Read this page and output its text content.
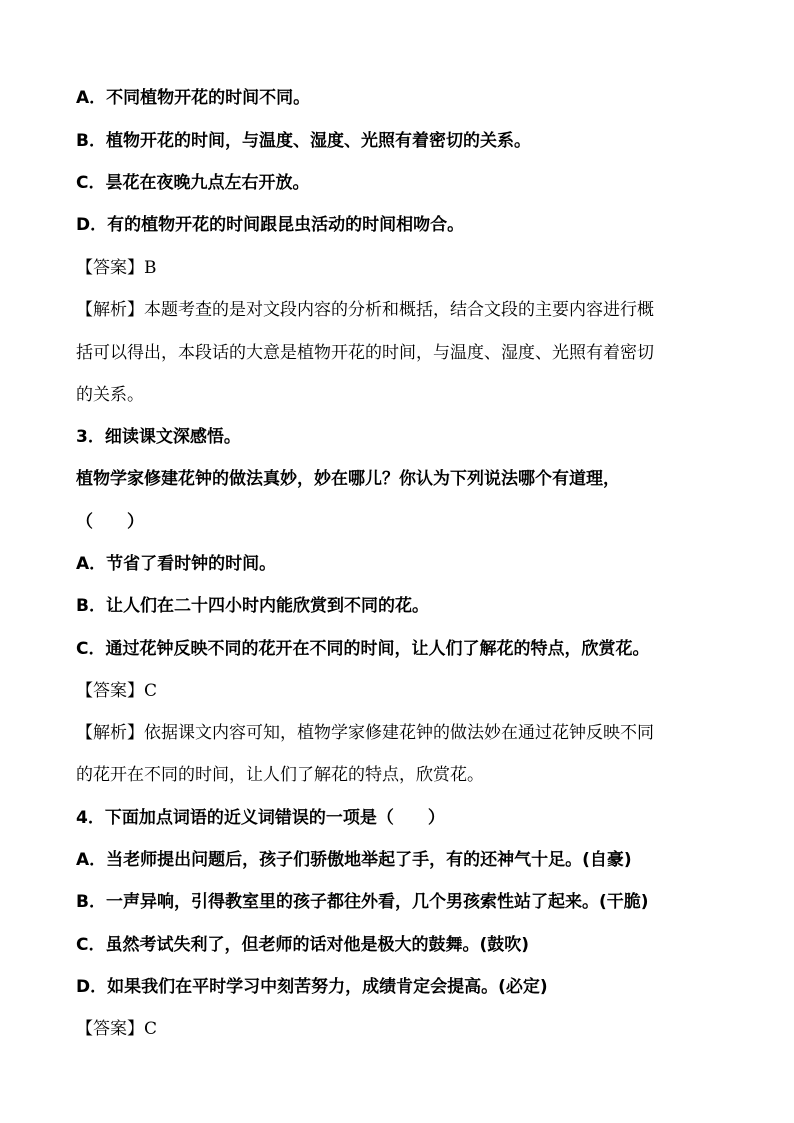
A．不同植物开花的时间不同。
B．植物开花的时间，与温度、湿度、光照有着密切的关系。
C．昙花在夜晚九点左右开放。
D．有的植物开花的时间跟昆虫活动的时间相吻合。
【答案】B
【解析】本题考查的是对文段内容的分析和概括，结合文段的主要内容进行概
括可以得出，本段话的大意是植物开花的时间，与温度、湿度、光照有着密切
的关系。
3．细读课文深感悟。
植物学家修建花钟的做法真妙，妙在哪儿？你认为下列说法哪个有道理，
（　　）
A．节省了看时钟的时间。
B．让人们在二十四小时内能欣赏到不同的花。
C．通过花钟反映不同的花开在不同的时间，让人们了解花的特点，欣赏花。
【答案】C
【解析】依据课文内容可知，植物学家修建花钟的做法妙在通过花钟反映不同
的花开在不同的时间，让人们了解花的特点，欣赏花。
4．下面加点词语的近义词错误的一项是（　　）
A．当老师提出问题后，孩子们骄傲地举起了手，有的还神气十足。(自豪)
B．一声异响，引得教室里的孩子都往外看，几个男孩索性站了起来。(干脆)
C．虽然考试失利了，但老师的话对他是极大的鼓舞。(鼓吹)
D．如果我们在平时学习中刻苦努力，成绩肯定会提高。(必定)
【答案】C
